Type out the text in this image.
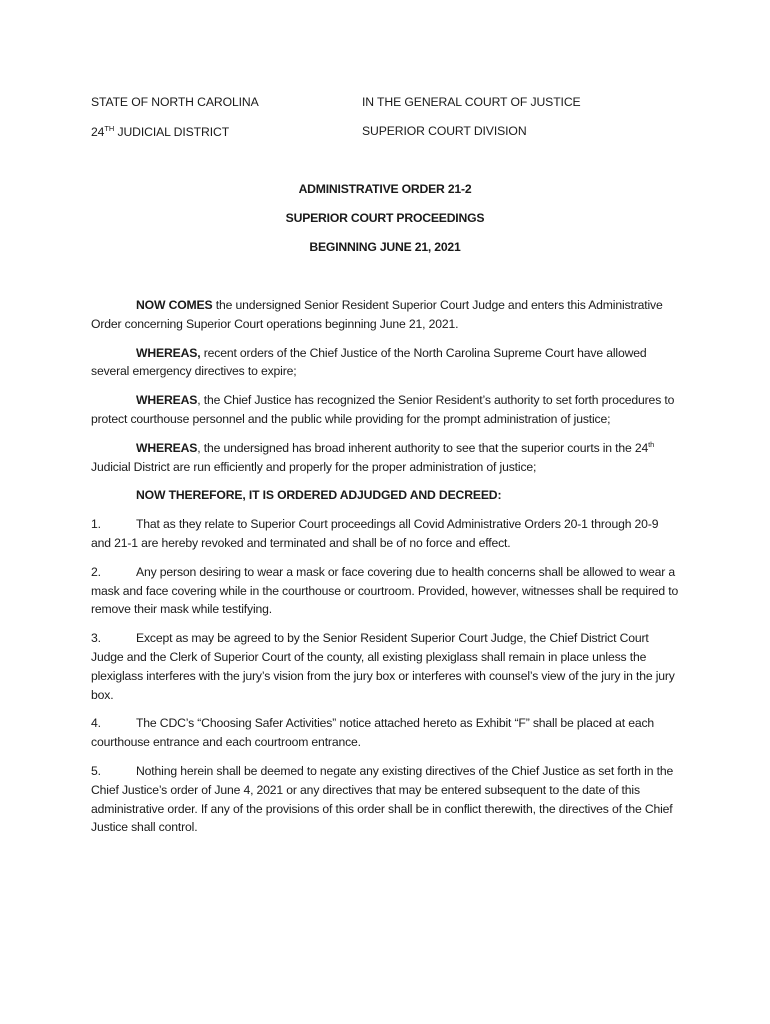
STATE OF NORTH CAROLINA	IN THE GENERAL COURT OF JUSTICE
24TH JUDICIAL DISTRICT	SUPERIOR COURT DIVISION
ADMINISTRATIVE ORDER 21-2
SUPERIOR COURT PROCEEDINGS
BEGINNING JUNE 21, 2021

NOW COMES the undersigned Senior Resident Superior Court Judge and enters this Administrative Order concerning Superior Court operations beginning June 21, 2021.

WHEREAS, recent orders of the Chief Justice of the North Carolina Supreme Court have allowed several emergency directives to expire;

WHEREAS, the Chief Justice has recognized the Senior Resident’s authority to set forth procedures to protect courthouse personnel and the public while providing for the prompt administration of justice;

WHEREAS, the undersigned has broad inherent authority to see that the superior courts in the 24th Judicial District are run efficiently and properly for the proper administration of justice;

NOW THEREFORE, IT IS ORDERED ADJUDGED AND DECREED:

1.	That as they relate to Superior Court proceedings all Covid Administrative Orders 20-1 through 20-9 and 21-1 are hereby revoked and terminated and shall be of no force and effect.

2.	Any person desiring to wear a mask or face covering due to health concerns shall be allowed to wear a mask and face covering while in the courthouse or courtroom. Provided, however, witnesses shall be required to remove their mask while testifying.

3.	Except as may be agreed to by the Senior Resident Superior Court Judge, the Chief District Court Judge and the Clerk of Superior Court of the county, all existing plexiglass shall remain in place unless the plexiglass interferes with the jury’s vision from the jury box or interferes with counsel’s view of the jury in the jury box.

4.	The CDC’s “Choosing Safer Activities” notice attached hereto as Exhibit “F” shall be placed at each courthouse entrance and each courtroom entrance.

5.	Nothing herein shall be deemed to negate any existing directives of the Chief Justice as set forth in the Chief Justice’s order of June 4, 2021 or any directives that may be entered subsequent to the date of this administrative order. If any of the provisions of this order shall be in conflict therewith, the directives of the Chief Justice shall control.
